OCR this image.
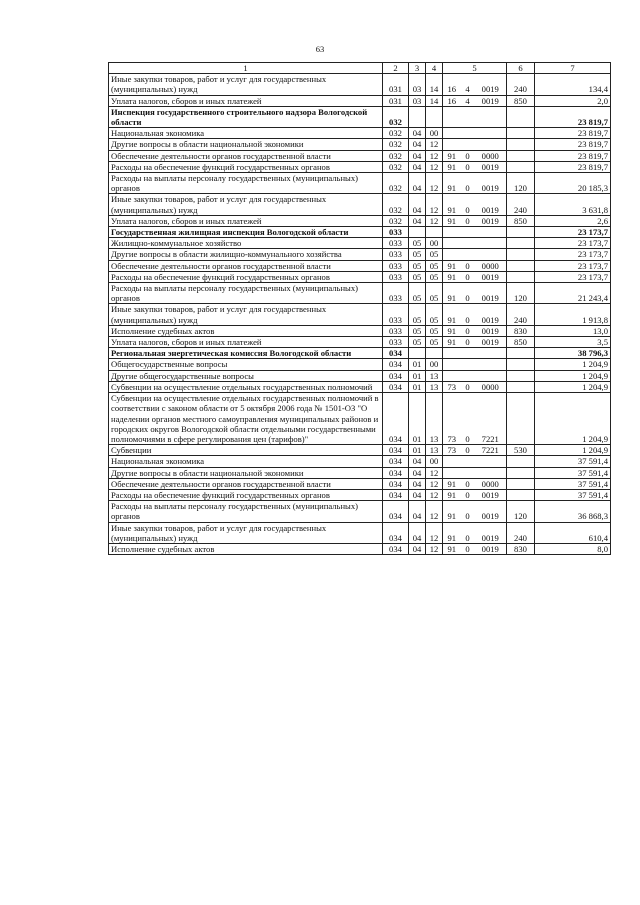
63
1	2	3	4	5			6	7
Иные закупки товаров, работ и услуг для государственных (муниципальных) нужд	031	03	14	16	4	0019	240	134,4
Уплата налогов, сборов и иных платежей	031	03	14	16	4	0019	850	2,0
Инспекция государственного строительного надзора Вологодской области	032							23 819,7
Национальная экономика	032	04	00					23 819,7
Другие вопросы в области национальной экономики	032	04	12					23 819,7
Обеспечение деятельности органов государственной власти	032	04	12	91	0	0000		23 819,7
Расходы на обеспечение функций государственных органов	032	04	12	91	0	0019		23 819,7
Расходы на выплаты персоналу государственных (муниципальных) органов	032	04	12	91	0	0019	120	20 185,3
Иные закупки товаров, работ и услуг для государственных (муниципальных) нужд	032	04	12	91	0	0019	240	3 631,8
Уплата налогов, сборов и иных платежей	032	04	12	91	0	0019	850	2,6
Государственная жилищная инспекция Вологодской области	033							23 173,7
Жилищно-коммунальное хозяйство	033	05	00					23 173,7
Другие вопросы в области жилищно-коммунального хозяйства	033	05	05					23 173,7
Обеспечение деятельности органов государственной власти	033	05	05	91	0	0000		23 173,7
Расходы на обеспечение функций государственных органов	033	05	05	91	0	0019		23 173,7
Расходы на выплаты персоналу государственных (муниципальных) органов	033	05	05	91	0	0019	120	21 243,4
Иные закупки товаров, работ и услуг для государственных (муниципальных) нужд	033	05	05	91	0	0019	240	1 913,8
Исполнение судебных актов	033	05	05	91	0	0019	830	13,0
Уплата налогов, сборов и иных платежей	033	05	05	91	0	0019	850	3,5
Региональная энергетическая комиссия Вологодской области	034							38 796,3
Общегосударственные вопросы	034	01	00					1 204,9
Другие общегосударственные вопросы	034	01	13					1 204,9
Субвенции на осуществление отдельных государственных полномочий	034	01	13	73	0	0000		1 204,9
Субвенции на осуществление отдельных государственных полномочий в соответствии с законом области от 5 октября 2006 года № 1501-ОЗ "О наделении органов местного самоуправления муниципальных районов и городских округов Вологодской области отдельными государственными полномочиями в сфере регулирования цен (тарифов)"	034	01	13	73	0	7221		1 204,9
Субвенции	034	01	13	73	0	7221	530	1 204,9
Национальная экономика	034	04	00					37 591,4
Другие вопросы в области национальной экономики	034	04	12					37 591,4
Обеспечение деятельности органов государственной власти	034	04	12	91	0	0000		37 591,4
Расходы на обеспечение функций государственных органов	034	04	12	91	0	0019		37 591,4
Расходы на выплаты персоналу государственных (муниципальных) органов	034	04	12	91	0	0019	120	36 868,3
Иные закупки товаров, работ и услуг для государственных (муниципальных) нужд	034	04	12	91	0	0019	240	610,4
Исполнение судебных актов	034	04	12	91	0	0019	830	8,0
